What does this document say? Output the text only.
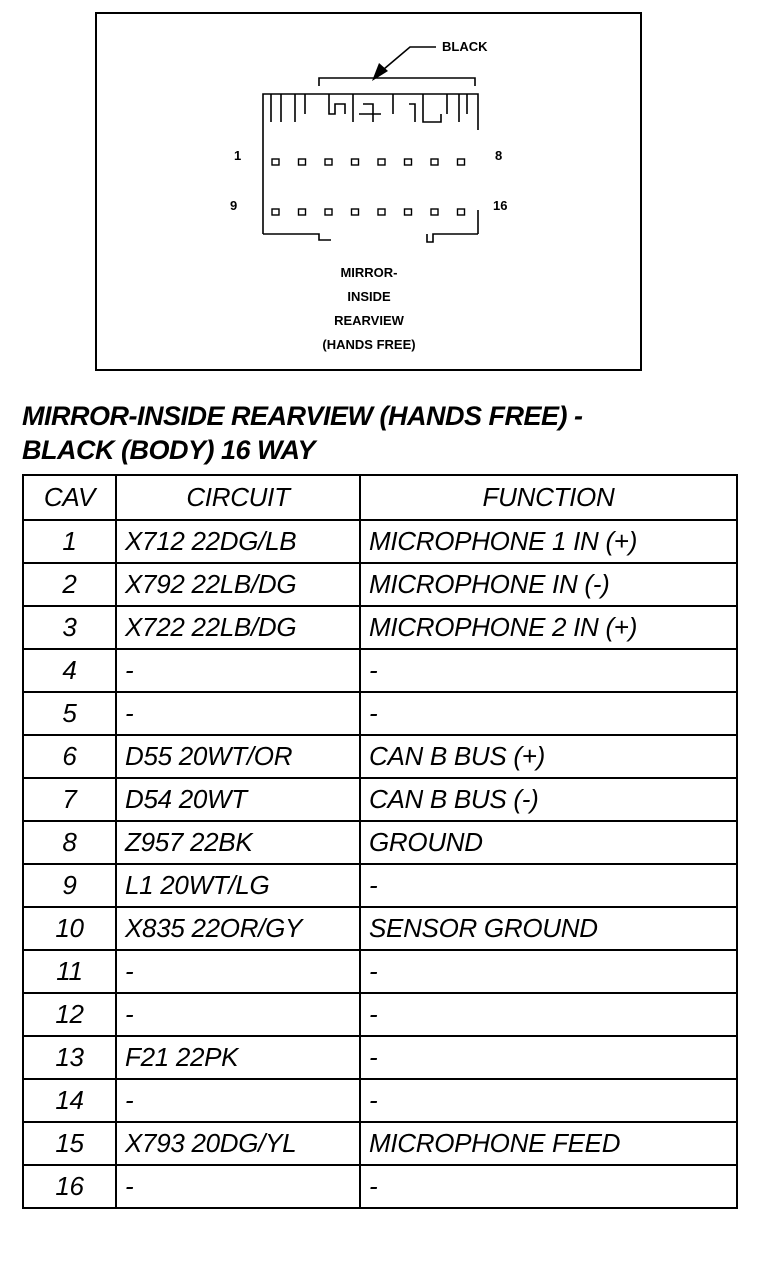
BLACK
1	8
9	16
MIRROR-
INSIDE
REARVIEW
(HANDS FREE)
MIRROR-INSIDE REARVIEW (HANDS FREE) -
BLACK (BODY) 16 WAY
CAV	CIRCUIT	FUNCTION
1	X712 22DG/LB	MICROPHONE 1 IN (+)
2	X792 22LB/DG	MICROPHONE IN (-)
3	X722 22LB/DG	MICROPHONE 2 IN (+)
4	-	-
5	-	-
6	D55 20WT/OR	CAN B BUS (+)
7	D54 20WT	CAN B BUS (-)
8	Z957 22BK	GROUND
9	L1 20WT/LG	-
10	X835 22OR/GY	SENSOR GROUND
11	-	-
12	-	-
13	F21 22PK	-
14	-	-
15	X793 20DG/YL	MICROPHONE FEED
16	-	-
